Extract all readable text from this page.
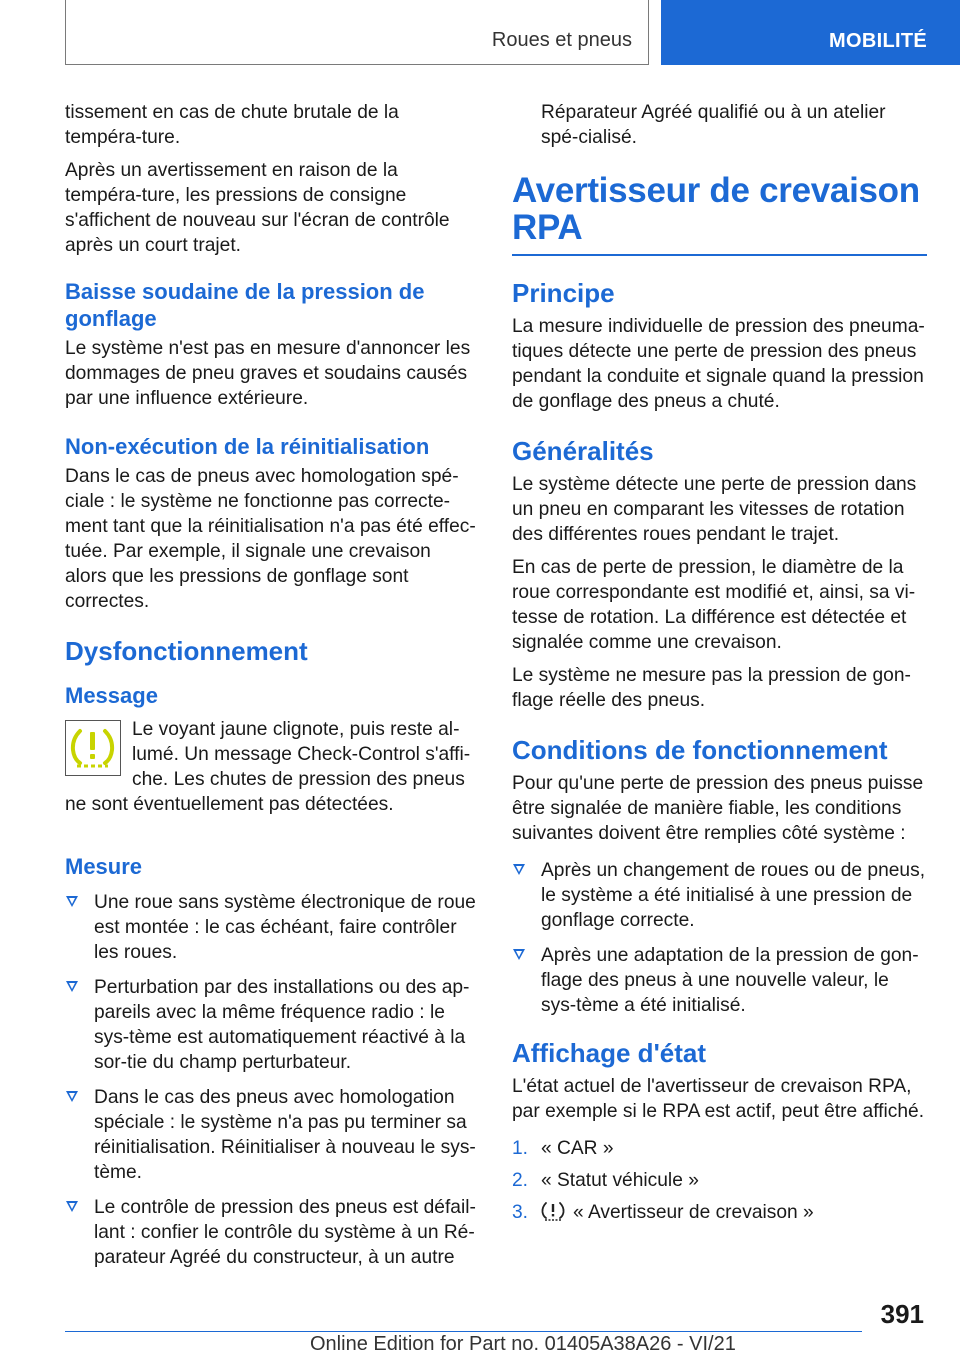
Roues et pneus	MOBILITÉ

tissement en cas de chute brutale de la tempéra-ture.

Après un avertissement en raison de la tempéra-ture, les pressions de consigne s'affichent de nouveau sur l'écran de contrôle après un court trajet.

Baisse soudaine de la pression de gonflage

Le système n'est pas en mesure d'annoncer les dommages de pneu graves et soudains causés par une influence extérieure.

Non-exécution de la réinitialisation

Dans le cas de pneus avec homologation spé-ciale : le système ne fonctionne pas correcte-ment tant que la réinitialisation n'a pas été effec-tuée. Par exemple, il signale une crevaison alors que les pressions de gonflage sont correctes.

Dysfonctionnement
Message

Le voyant jaune clignote, puis reste al-lumé. Un message Check-Control s'affi-che. Les chutes de pression des pneus ne sont éventuellement pas détectées.

Mesure
Une roue sans système électronique de roue est montée : le cas échéant, faire contrôler les roues.
Perturbation par des installations ou des ap-pareils avec la même fréquence radio : le sys-tème est automatiquement réactivé à la sor-tie du champ perturbateur.
Dans le cas des pneus avec homologation spéciale : le système n'a pas pu terminer sa réinitialisation. Réinitialiser à nouveau le sys-tème.
Le contrôle de pression des pneus est défail-lant : confier le contrôle du système à un Ré-parateur Agréé du constructeur, à un autre

Réparateur Agréé qualifié ou à un atelier spé-cialisé.

Avertisseur de crevaison RPA
Principe

La mesure individuelle de pression des pneuma-tiques détecte une perte de pression des pneus pendant la conduite et signale quand la pression de gonflage des pneus a chuté.

Généralités

Le système détecte une perte de pression dans un pneu en comparant les vitesses de rotation des différentes roues pendant le trajet.

En cas de perte de pression, le diamètre de la roue correspondante est modifié et, ainsi, sa vi-tesse de rotation. La différence est détectée et signalée comme une crevaison.

Le système ne mesure pas la pression de gon-flage réelle des pneus.

Conditions de fonctionnement

Pour qu'une perte de pression des pneus puisse être signalée de manière fiable, les conditions suivantes doivent être remplies côté système :

Après un changement de roues ou de pneus, le système a été initialisé à une pression de gonflage correcte.
Après une adaptation de la pression de gon-flage des pneus à une nouvelle valeur, le sys-tème a été initialisé.
Affichage d'état

L'état actuel de l'avertisseur de crevaison RPA, par exemple si le RPA est actif, peut être affiché.

1. « CAR »
2. « Statut véhicule »
3. « Avertisseur de crevaison »
391
Online Edition for Part no. 01405A38A26 - VI/21
